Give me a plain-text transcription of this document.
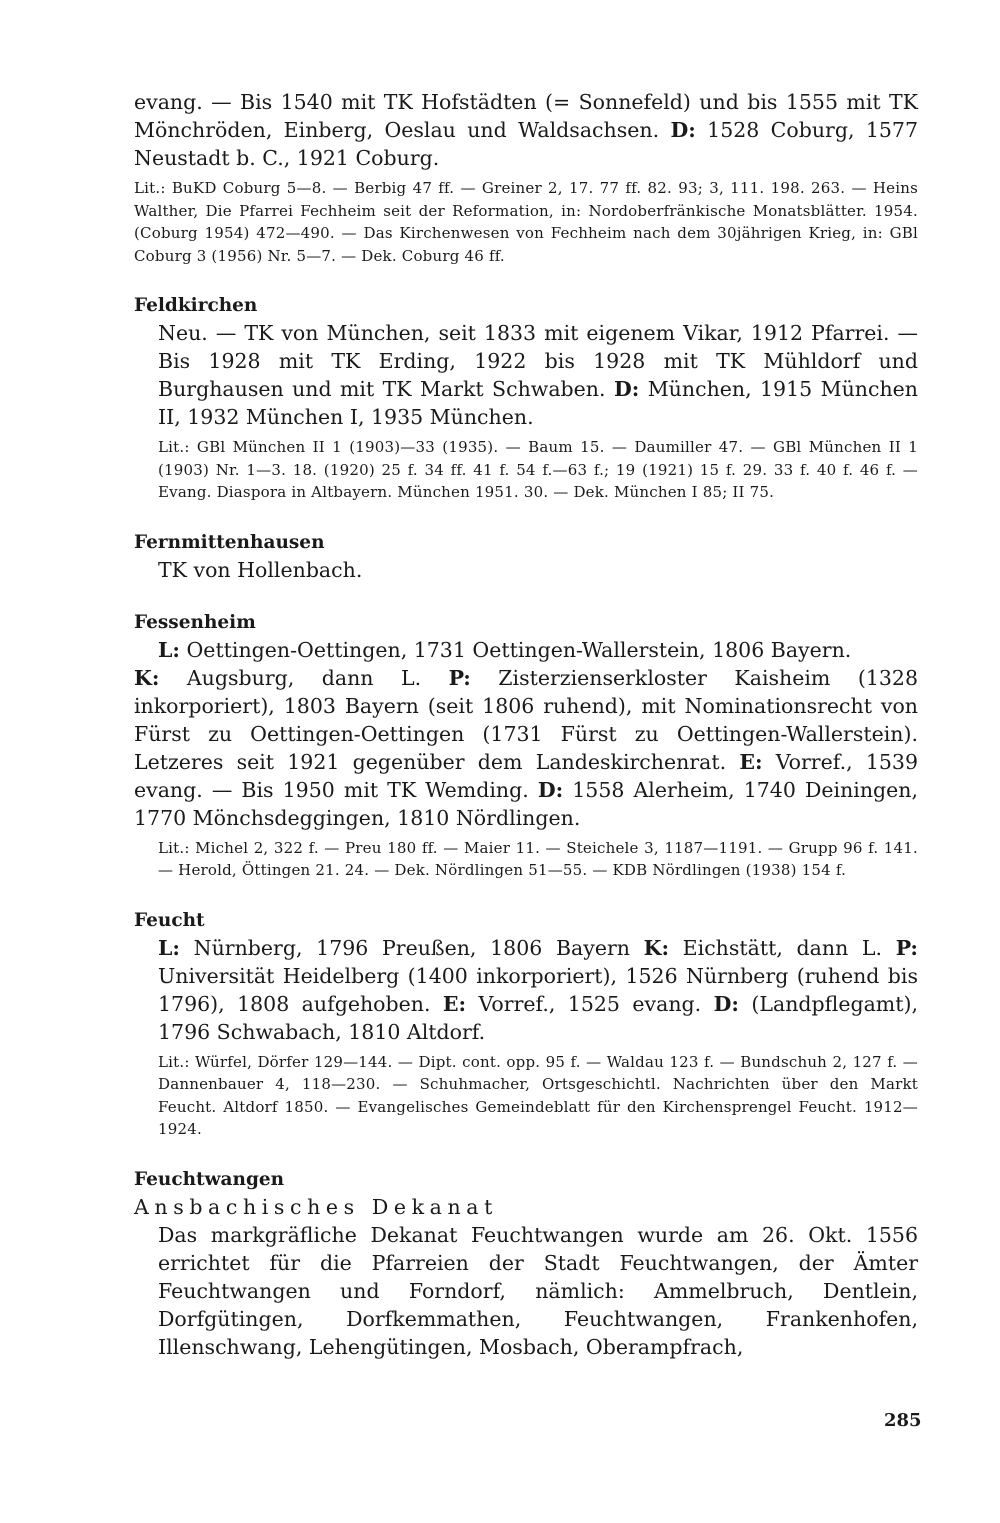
evang. — Bis 1540 mit TK Hofstädten (= Sonnefeld) und bis 1555 mit TK Mönchröden, Einberg, Oeslau und Waldsachsen. D: 1528 Coburg, 1577 Neustadt b. C., 1921 Coburg.

Lit.: BuKD Coburg 5—8. — Berbig 47 ff. — Greiner 2, 17. 77 ff. 82. 93; 3, 111. 198. 263. — Heins Walther, Die Pfarrei Fechheim seit der Reformation, in: Nordoberfränkische Monatsblätter. 1954. (Coburg 1954) 472—490. — Das Kirchenwesen von Fechheim nach dem 30jährigen Krieg, in: GBl Coburg 3 (1956) Nr. 5—7. — Dek. Coburg 46 ff.

Feldkirchen

Neu. — TK von München, seit 1833 mit eigenem Vikar, 1912 Pfarrei. — Bis 1928 mit TK Erding, 1922 bis 1928 mit TK Mühldorf und Burghausen und mit TK Markt Schwaben. D: München, 1915 München II, 1932 München I, 1935 München.

Lit.: GBl München II 1 (1903)—33 (1935). — Baum 15. — Daumiller 47. — GBl München II 1 (1903) Nr. 1—3. 18. (1920) 25 f. 34 ff. 41 f. 54 f.—63 f.; 19 (1921) 15 f. 29. 33 f. 40 f. 46 f. — Evang. Diaspora in Altbayern. München 1951. 30. — Dek. München I 85; II 75.

Fernmittenhausen

TK von Hollenbach.

Fessenheim

L: Oettingen-Oettingen, 1731 Oettingen-Wallerstein, 1806 Bayern.

K: Augsburg, dann L. P: Zisterzienserkloster Kaisheim (1328 inkorporiert), 1803 Bayern (seit 1806 ruhend), mit Nominationsrecht von Fürst zu Oettingen-Oettingen (1731 Fürst zu Oettingen-Wallerstein). Letzeres seit 1921 gegenüber dem Landeskirchenrat. E: Vorref., 1539 evang. — Bis 1950 mit TK Wemding. D: 1558 Alerheim, 1740 Deiningen, 1770 Mönchsdeggingen, 1810 Nördlingen.

Lit.: Michel 2, 322 f. — Preu 180 ff. — Maier 11. — Steichele 3, 1187—1191. — Grupp 96 f. 141. — Herold, Öttingen 21. 24. — Dek. Nördlingen 51—55. — KDB Nördlingen (1938) 154 f.

Feucht

L: Nürnberg, 1796 Preußen, 1806 Bayern K: Eichstätt, dann L. P: Universität Heidelberg (1400 inkorporiert), 1526 Nürnberg (ruhend bis 1796), 1808 aufgehoben. E: Vorref., 1525 evang. D: (Landpflegamt), 1796 Schwabach, 1810 Altdorf.

Lit.: Würfel, Dörfer 129—144. — Dipt. cont. opp. 95 f. — Waldau 123 f. — Bundschuh 2, 127 f. — Dannenbauer 4, 118—230. — Schuhmacher, Ortsgeschichtl. Nachrichten über den Markt Feucht. Altdorf 1850. — Evangelisches Gemeindeblatt für den Kirchensprengel Feucht. 1912—1924.

Feuchtwangen

Ansbachisches Dekanat

Das markgräfliche Dekanat Feuchtwangen wurde am 26. Okt. 1556 errichtet für die Pfarreien der Stadt Feuchtwangen, der Ämter Feuchtwangen und Forndorf, nämlich: Ammelbruch, Dentlein, Dorfgütingen, Dorfkemmathen, Feuchtwangen, Frankenhofen, Illenschwang, Lehengütingen, Mosbach, Oberampfrach,

285
